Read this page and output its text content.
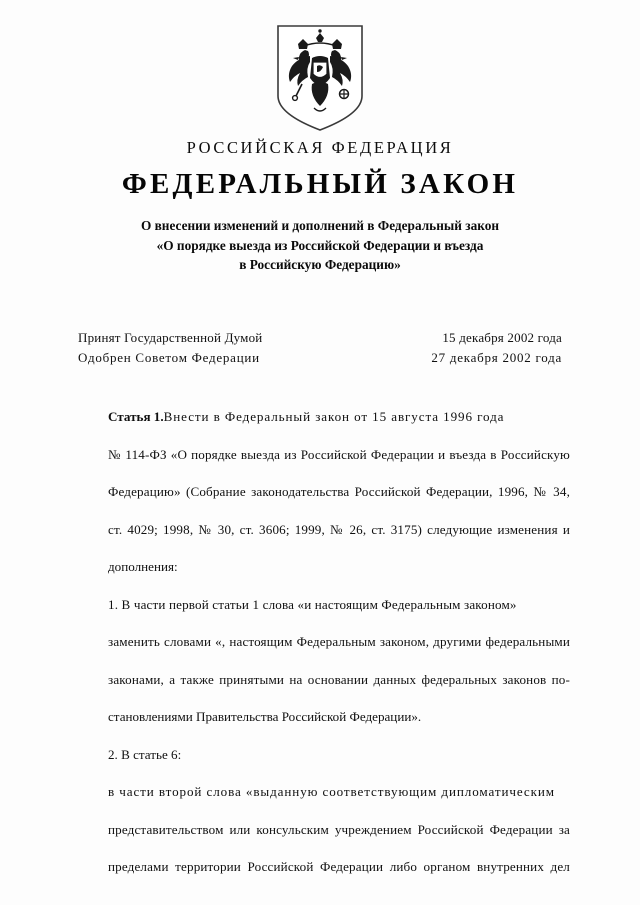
РОССИЙСКАЯ ФЕДЕРАЦИЯ

ФЕДЕРАЛЬНЫЙ ЗАКОН

О внесении изменений и дополнений в Федеральный закон
«О порядке выезда из Российской Федерации и въезда
в Российскую Федерацию»
Принят Государственной Думой	15 декабря 2002 года
Одобрен Советом Федерации	27 декабря 2002 года
Статья 1.Внести в Федеральный закон от 15 августа 1996 года
№ 114-ФЗ «О порядке выезда из Российской Федерации и въезда в Российскую
Федерацию» (Собрание законодательства Российской Федерации, 1996, № 34,
ст. 4029; 1998, № 30, ст. 3606; 1999, № 26, ст. 3175) следующие изменения и
дополнения:
1. В части первой статьи 1 слова «и настоящим Федеральным законом»
заменить словами «, настоящим Федеральным законом, другими федеральными
законами, а также принятыми на основании данных федеральных законов по-
становлениями Правительства Российской Федерации».
2. В статье 6:
в части второй слова «выданную соответствующим дипломатическим
представительством или консульским учреждением Российской Федерации за
пределами территории Российской Федерации либо органом внутренних дел
